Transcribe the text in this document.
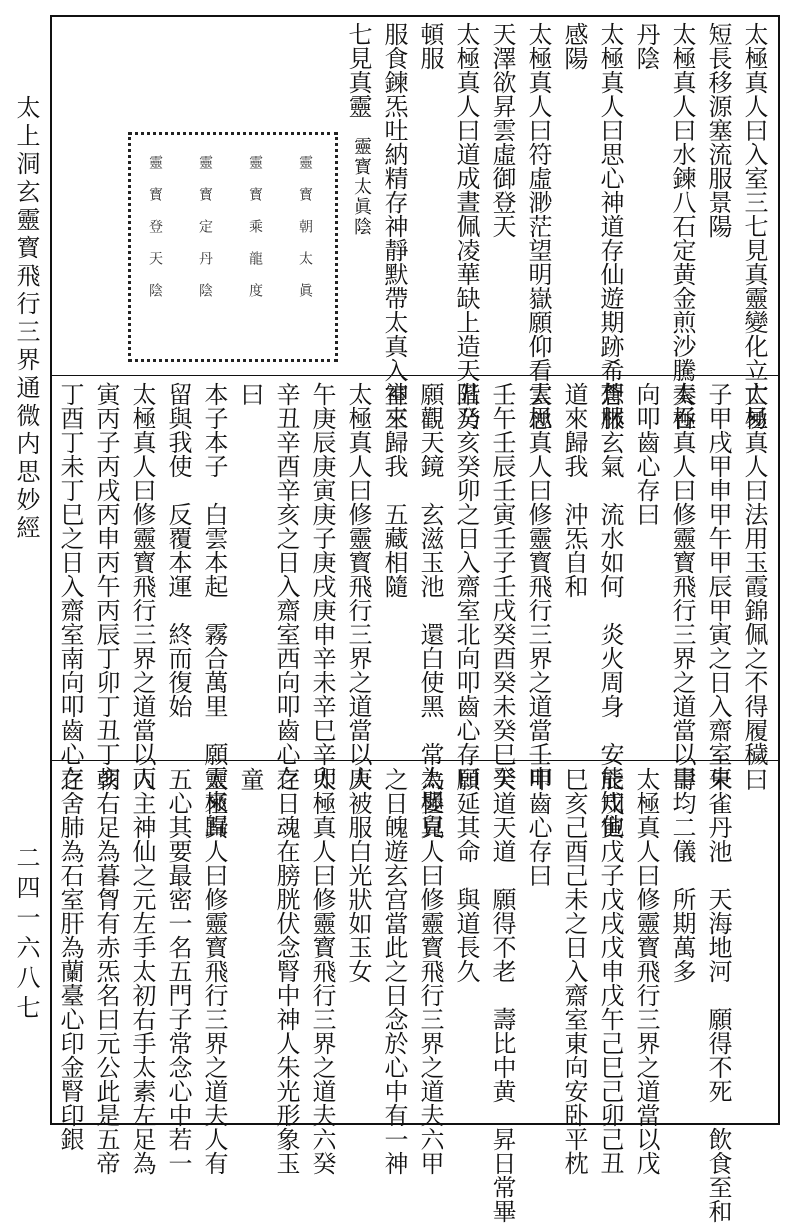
太上洞玄靈寳飛行三界通微内思妙經
二四一六八七
太極真人曰入室三七見真靈變化立亡易
短長移源塞流服景陽
太極真人曰水鍊八石定黄金煎沙騰奏吞
丹陰
太極真人曰思心神道存仙遊期跡希想服
感陽
太極真人曰符虛渺茫望明嶽願仰看雲思
天澤欲昇雲虛御登天
太極真人曰道成晝佩凌華缺上造天階乃
頓服
服食鍊炁吐納精存神靜默帶太真入室三
七見真靈
靈寳太眞陰
靈寳朝太眞
靈寳乘龍度
靈寳定丹陰
靈寳登天陰
太極真人曰法用玉霞錦佩之不得履穢
子甲戌甲申甲午甲辰甲寅之日入齋室東
太極真人曰修靈寳飛行三界之道當以甲
向叩齒心存曰
蒼林玄氣　流水如何　炎火周身　安能知他
道來歸我　沖炁自和
太極真人曰修靈寳飛行三界之道當壬申
壬午壬辰壬寅壬子壬戌癸酉癸未癸巳癸
丑癸亥癸卯之日入齋室北向叩齒心存曰
願觀天鏡　玄滋玉池　還白使黑　常為嬰兒
神來歸我　五藏相隨
太極真人曰修靈寳飛行三界之道當以庚
午庚辰庚寅庚子庚戌庚申辛未辛巳辛卯
辛丑辛酉辛亥之日入齋室西向叩齒心存
曰
本子本子　白雲本起　霧合萬里　願靈來歸
留與我使　反覆本運　終而復始
太極真人曰修靈寳飛行三界之道當以丙
寅丙子丙戌丙申丙午丙辰丁卯丁丑丁亥
丁酉丁未丁巳之日入齋室南向叩齒心存	曰
朱雀丹池　天海地河　願得不死　飲食至和
壽均二儀　所期萬多
太極真人曰修靈寳飛行三界之道當以戊
辰戊寅戊子戊戌戊申戊午己巳己卯己丑
巳亥己酉己未之日入齋室東向安卧平枕
叩齒心存曰
天道天道　願得不老　壽比中黄　昇日常畢
願延其命　與道長久
太極真人曰修靈寳飛行三界之道夫六甲
之日魄遊玄宫當此之日念於心中有一神
人被服白光狀如玉女
太極真人曰修靈寳飛行三界之道夫六癸
之日魂在膀胱伏念腎中神人朱光形象玉
童
太極真人曰修靈寳飛行三界之道夫人有
五心其要最密一名五門子常念心中若一
人主神仙之元左手太初右手太素左足為
朝右足為暮胷有赤炁名曰元公此是五帝
之舍肺為石室肝為蘭臺心印金腎印銀
